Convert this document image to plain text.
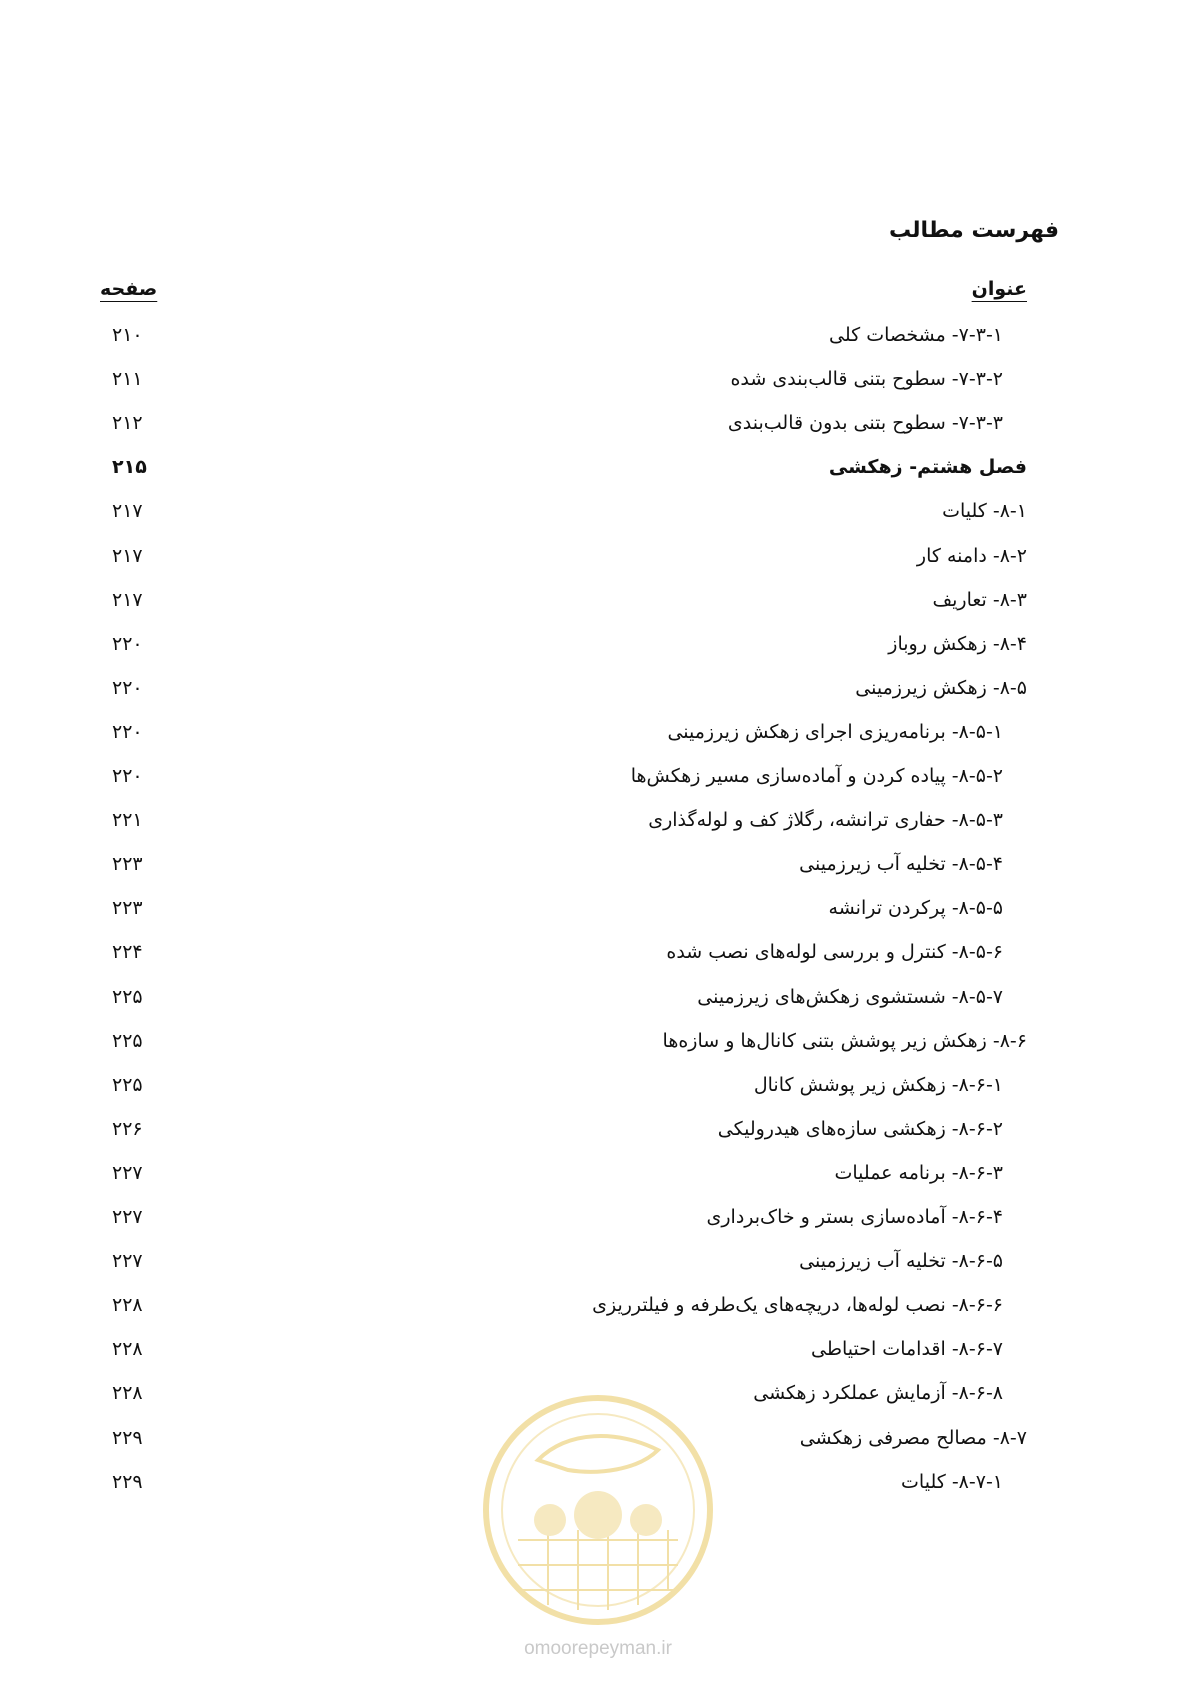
فهرست مطالب
عنوان
صفحه
۷-۳-۱- مشخصات کلی
۲۱۰
۷-۳-۲- سطوح بتنی قالب‌بندی شده
۲۱۱
۷-۳-۳- سطوح بتنی بدون قالب‌بندی
۲۱۲
فصل هشتم- زهکشی
۲۱۵
۸-۱- کلیات
۲۱۷
۸-۲- دامنه کار
۲۱۷
۸-۳- تعاریف
۲۱۷
۸-۴- زهکش روباز
۲۲۰
۸-۵- زهکش زیرزمینی
۲۲۰
۸-۵-۱- برنامه‌ریزی اجرای زهکش زیرزمینی
۲۲۰
۸-۵-۲- پیاده کردن و آماده‌سازی مسیر زهکش‌ها
۲۲۰
۸-۵-۳- حفاری ترانشه، رگلاژ کف و لوله‌گذاری
۲۲۱
۸-۵-۴- تخلیه آب زیرزمینی
۲۲۳
۸-۵-۵- پرکردن ترانشه
۲۲۳
۸-۵-۶- کنترل و بررسی لوله‌های نصب شده
۲۲۴
۸-۵-۷- شستشوی زهکش‌های زیرزمینی
۲۲۵
۸-۶- زهکش زیر پوشش بتنی کانال‌ها و سازه‌ها
۲۲۵
۸-۶-۱- زهکش زیر پوشش کانال
۲۲۵
۸-۶-۲- زهکشی سازه‌های هیدرولیکی
۲۲۶
۸-۶-۳- برنامه عملیات
۲۲۷
۸-۶-۴- آماده‌سازی بستر و خاک‌برداری
۲۲۷
۸-۶-۵- تخلیه آب زیرزمینی
۲۲۷
۸-۶-۶- نصب لوله‌ها، دریچه‌های یک‌طرفه و فیلترریزی
۲۲۸
۸-۶-۷- اقدامات احتیاطی
۲۲۸
۸-۶-۸- آزمایش عملکرد زهکشی
۲۲۸
۸-۷- مصالح مصرفی زهکشی
۲۲۹
۸-۷-۱- کلیات
۲۲۹
omoorepeyman.ir
